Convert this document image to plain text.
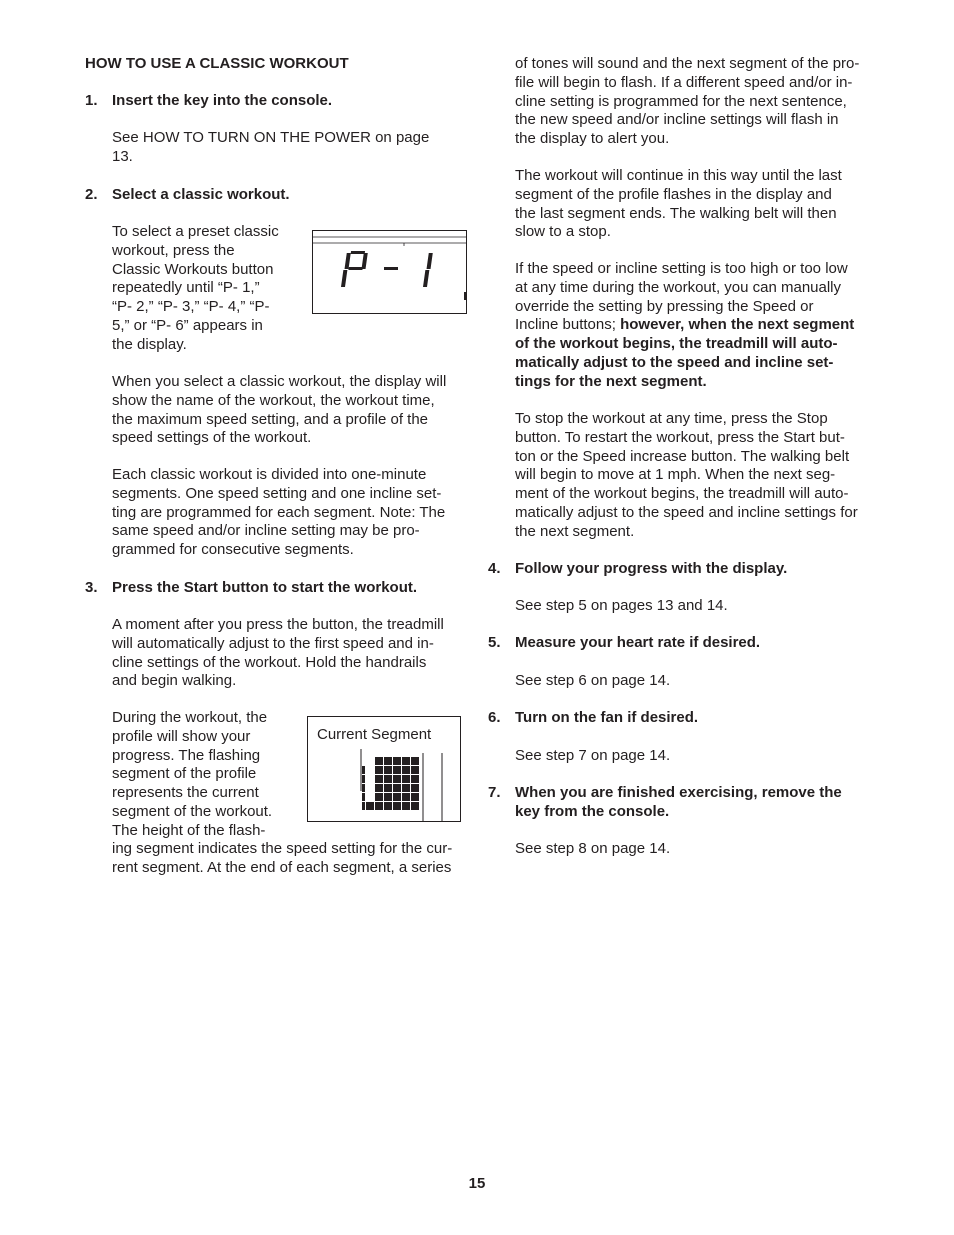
HOW TO USE A CLASSIC WORKOUT
1. Insert the key into the console.
See HOW TO TURN ON THE POWER on page
13.
2. Select a classic workout.
To select a preset classic
workout, press the
Classic Workouts button
repeatedly until “P- 1,”
“P- 2,” “P- 3,” “P- 4,” “P-
5,” or “P- 6” appears in
the display.
When you select a classic workout, the display will
show the name of the workout, the workout time,
the maximum speed setting, and a profile of the
speed settings of the workout.
Each classic workout is divided into one-minute
segments. One speed setting and one incline set-
ting are programmed for each segment. Note: The
same speed and/or incline setting may be pro-
grammed for consecutive segments.
3. Press the Start button to start the workout.
A moment after you press the button, the treadmill
will automatically adjust to the first speed and in-
cline settings of the workout. Hold the handrails
and begin walking.
During the workout, the
profile will show your
progress. The flashing
segment of the profile
represents the current
segment of the workout.
The height of the flash-
ing segment indicates the speed setting for the cur-
rent segment. At the end of each segment, a series
Current Segment
of tones will sound and the next segment of the pro-
file will begin to flash. If a different speed and/or in-
cline setting is programmed for the next sentence,
the new speed and/or incline settings will flash in
the display to alert you.
The workout will continue in this way until the last
segment of the profile flashes in the display and
the last segment ends. The walking belt will then
slow to a stop.
If the speed or incline setting is too high or too low
at any time during the workout, you can manually
override the setting by pressing the Speed or
Incline buttons; however, when the next segment
of the workout begins, the treadmill will auto-
matically adjust to the speed and incline set-
tings for the next segment.
To stop the workout at any time, press the Stop
button. To restart the workout, press the Start but-
ton or the Speed increase button. The walking belt
will begin to move at 1 mph. When the next seg-
ment of the workout begins, the treadmill will auto-
matically adjust to the speed and incline settings for
the next segment.
4. Follow your progress with the display.
See step 5 on pages 13 and 14.
5. Measure your heart rate if desired.
See step 6 on page 14.
6. Turn on the fan if desired.
See step 7 on page 14.
7. When you are finished exercising, remove the
key from the console.
See step 8 on page 14.
15
